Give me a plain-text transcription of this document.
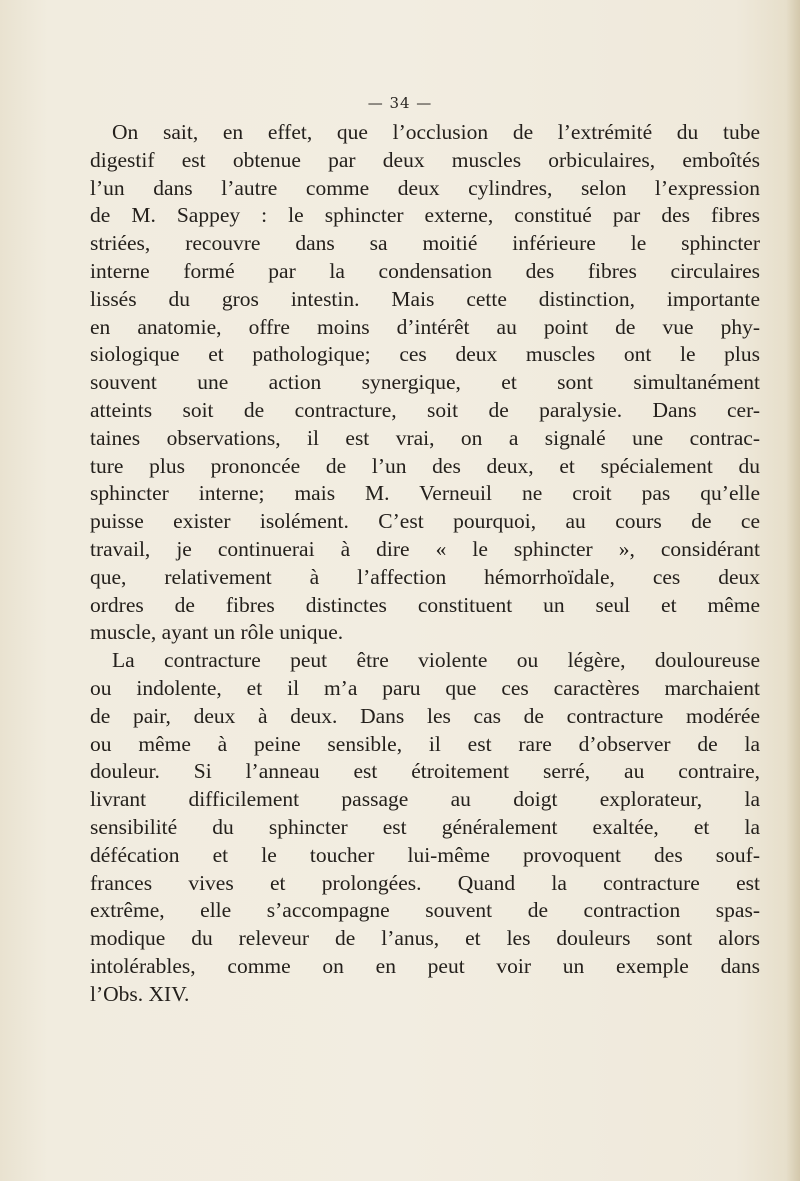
— 34 —
On sait, en effet, que l’occlusion de l’extrémité du tube
digestif est obtenue par deux muscles orbiculaires, emboîtés
l’un dans l’autre comme deux cylindres, selon l’expression
de M. Sappey : le sphincter externe, constitué par des fibres
striées, recouvre dans sa moitié inférieure le sphincter
interne formé par la condensation des fibres circulaires
lissés du gros intestin. Mais cette distinction, importante
en anatomie, offre moins d’intérêt au point de vue phy-
siologique et pathologique; ces deux muscles ont le plus
souvent une action synergique, et sont simultanément
atteints soit de contracture, soit de paralysie. Dans cer-
taines observations, il est vrai, on a signalé une contrac-
ture plus prononcée de l’un des deux, et spécialement du
sphincter interne; mais M. Verneuil ne croit pas qu’elle
puisse exister isolément. C’est pourquoi, au cours de ce
travail, je continuerai à dire « le sphincter », considérant
que, relativement à l’affection hémorrhoïdale, ces deux
ordres de fibres distinctes constituent un seul et même
muscle, ayant un rôle unique.
La contracture peut être violente ou légère, douloureuse
ou indolente, et il m’a paru que ces caractères marchaient
de pair, deux à deux. Dans les cas de contracture modérée
ou même à peine sensible, il est rare d’observer de la
douleur. Si l’anneau est étroitement serré, au contraire,
livrant difficilement passage au doigt explorateur, la
sensibilité du sphincter est généralement exaltée, et la
défécation et le toucher lui-même provoquent des souf-
frances vives et prolongées. Quand la contracture est
extrême, elle s’accompagne souvent de contraction spas-
modique du releveur de l’anus, et les douleurs sont alors
intolérables, comme on en peut voir un exemple dans
l’Obs. XIV.
